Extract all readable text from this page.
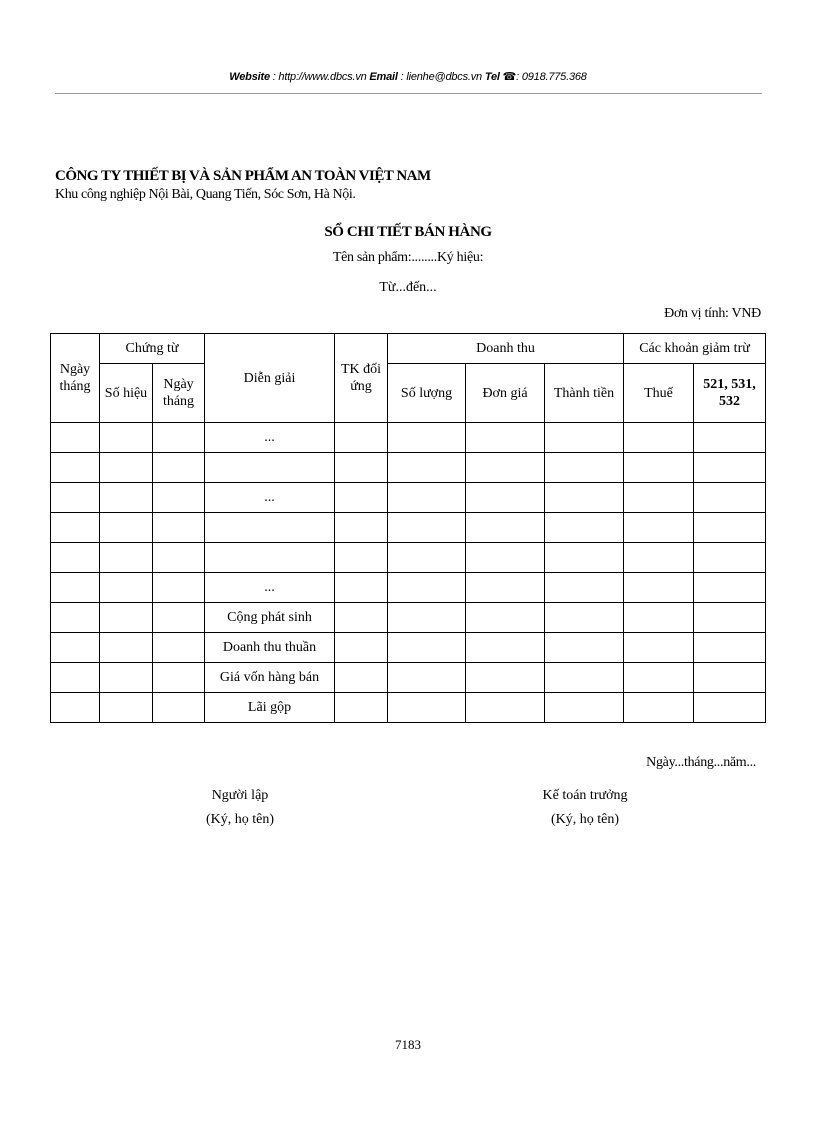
Website : http://www.dbcs.vn Email : lienhe@dbcs.vn Tel ☎: 0918.775.368
CÔNG TY THIẾT BỊ VÀ SẢN PHẨM AN TOÀN VIỆT NAM
Khu công nghiệp Nội Bài, Quang Tiến, Sóc Sơn, Hà Nội.
SỔ CHI TIẾT BÁN HÀNG
Tên sản phẩm:........Ký hiệu:
Từ...đến...
Đơn vị tính: VNĐ
Ngày tháng	Chứng từ		Diễn giải	TK đối ứng	Doanh thu			Các khoản giảm trừ	
	Số hiệu	Ngày tháng			Số lượng	Đơn giá	Thành tiền	Thuế	521, 531, 532
			...						

			...						

			...						
			Cộng phát sinh						
			Doanh thu thuần						
			Giá vốn hàng bán						
			Lãi gộp						
Ngày...tháng...năm...
Người lập
(Ký, họ tên)
Kế toán trưởng
(Ký, họ tên)
7183
